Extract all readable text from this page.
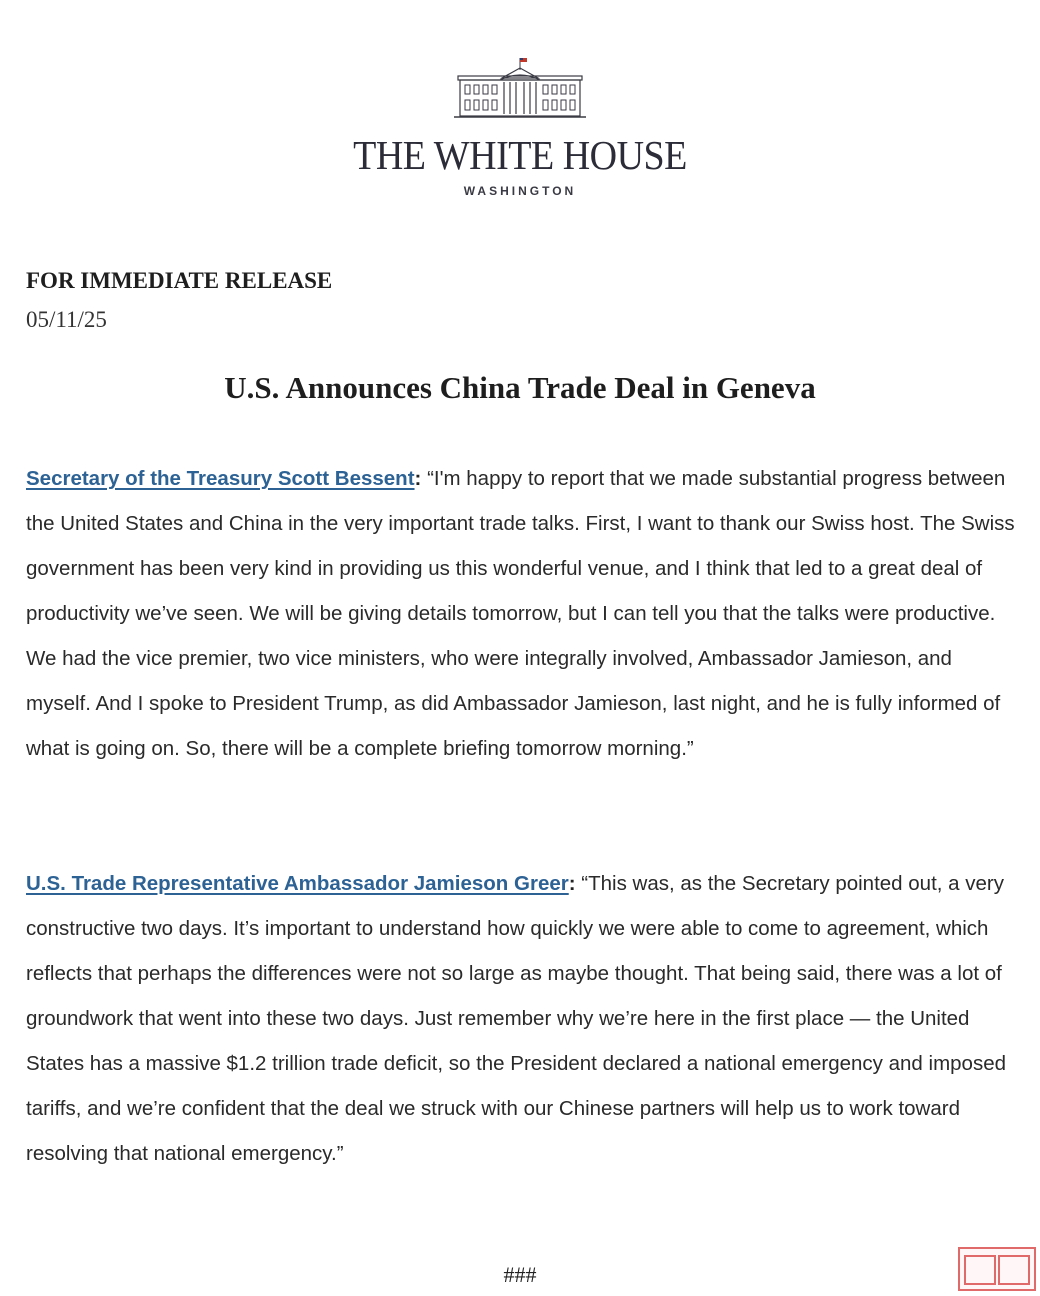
THE WHITE HOUSE
WASHINGTON
FOR IMMEDIATE RELEASE
05/11/25
U.S. Announces China Trade Deal in Geneva

Secretary of the Treasury Scott Bessent: “I'm happy to report that we made substantial progress between the United States and China in the very important trade talks. First, I want to thank our Swiss host. The Swiss government has been very kind in providing us this wonderful venue, and I think that led to a great deal of productivity we’ve seen. We will be giving details tomorrow, but I can tell you that the talks were productive. We had the vice premier, two vice ministers, who were integrally involved, Ambassador Jamieson, and myself. And I spoke to President Trump, as did Ambassador Jamieson, last night, and he is fully informed of what is going on. So, there will be a complete briefing tomorrow morning.”

U.S. Trade Representative Ambassador Jamieson Greer: “This was, as the Secretary pointed out, a very constructive two days. It’s important to understand how quickly we were able to come to agreement, which reflects that perhaps the differences were not so large as maybe thought. That being said, there was a lot of groundwork that went into these two days. Just remember why we’re here in the first place — the United States has a massive $1.2 trillion trade deficit, so the President declared a national emergency and imposed tariffs, and we’re confident that the deal we struck with our Chinese partners will help us to work toward resolving that national emergency.”

###
